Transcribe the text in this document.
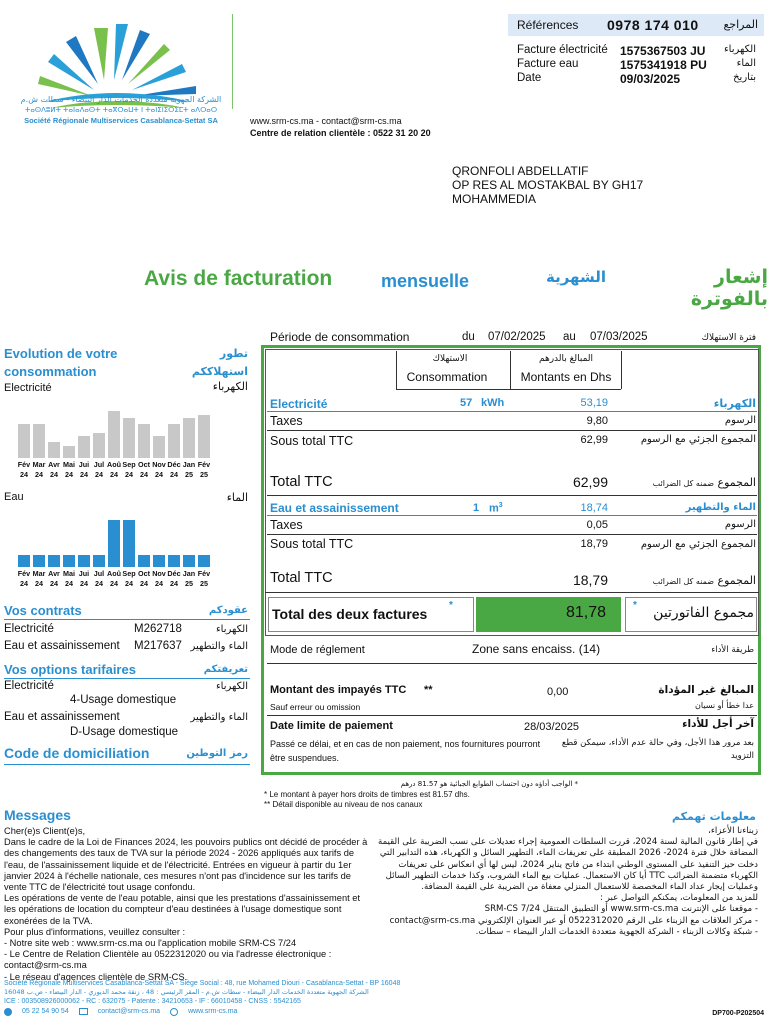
الشركة الجهوية متعددة الخدمات الدار البيضاء - سطات ش.م
ⵜⴰⵙⴷⵓⵍⵜ ⵜⴰⵏⴰⴷⴰⵙⵜ ⵜⴰⴳⵔⴰⵡⵜ ⵏ ⵜⴰⵏⵉⵏⵉⵔⵉⵎⵜ ⴰⴷⵔⴰⵔ
Société Régionale Multiservices Casablanca-Settat SA
Références 0978 174 010 المراجع
Facture électricité 1575367503 JU الكهرباء
Facture eau	1575341918 PU	الماء
Date	09/03/2025	بتاريخ
www.srm-cs.ma - contact@srm-cs.ma
Centre de relation clientèle : 0522 31 20 20
QRONFOLI ABDELLATIF
OP RES AL MOSTAKBAL BY GH17
MOHAMMEDIA
Avis de facturation	mensuelle	الشهرية	إشعار بالفوترة
Evolution de votre consommation
تطور
استهلاككم
Electricité	الكهرباء
Fév
24
Mar
24
Avr
24
Mai
24
Jui
24
Jul
24
Aoû
24
Sep
24
Oct
24
Nov
24
Déc
24
Jan
25
Fév
25
Eau	الماء
Fév
24
Mar
24
Avr
24
Mai
24
Jui
24
Jul
24
Aoû
24
Sep
24
Oct
24
Nov
24
Déc
24
Jan
25
Fév
25
Vos contrats	عقودكم
Electricité	M262718	الكهرباء
Eau et assainissement M217637 الماء والتطهير
Vos options tarifaires	تعريفتكم
Electricité	الكهرباء
4-Usage domestique
Eau et assainissement	الماء والتطهير
D-Usage domestique
Code de domiciliation	رمز التوطين
Période de consommation	du 07/02/2025 au 07/03/2025	فترة الاستهلاك
الاستهلاك
Consommation
المبالغ بالدرهم
Montants en Dhs
Electricité	57 kWh	53,19	الكهرباء
Taxes	9,80	الرسوم
Sous total TTC	62,99	المجموع الجزئي مع الرسوم
Total TTC	62,99	المجموع ضمنه كل الضرائب
Eau et assainissement	1 $m^3$	18,74	الماء والتطهير
Taxes	0,05	الرسوم
Sous total TTC	18,79	المجموع الجزئي مع الرسوم
Total TTC	18,79	المجموع ضمنه كل الضرائب
Total des deux factures
*	81,78	مجموع الفاتورتين
*
Mode de réglement	Zone sans encaiss. (14)	طريقة الأداء
Montant des impayés TTC **	0,00	المبالغ غير المؤداة
Sauf erreur ou omission	عدا خطأ أو نسيان
Date limite de paiement	28/03/2025	آخر أجل للأداء
Passé ce délai, et en cas de non paiement, nos fournitures pourront être suspendues.
بعد مرور هذا الأجل، وفي حالة عدم الأداء، سيمكن قطع التزويد
* الواجب أداؤه دون احتساب الطوابع الجبائية هو 81.57 درهم
* Le montant à payer hors droits de timbres est 81.57 dhs.
** Détail disponible au niveau de nos canaux
Messages
Cher(e)s Client(e)s,
Dans le cadre de la Loi de Finances 2024, les pouvoirs publics ont décidé de procéder à des changements des taux de TVA sur la période 2024 - 2026 appliqués aux tarifs de l'eau, de l'assainissement liquide et de l'électricité. Entrées en vigueur à partir du 1er janvier 2024 à l'échelle nationale, ces mesures n'ont pas d'incidence sur les tarifs de vente TTC de l'électricité tout usage confondu.
Les opérations de vente de l'eau potable, ainsi que les prestations d'assainissement et les opérations de location du compteur d'eau destinées à l'usage domestique sont exonérées de la TVA.
Pour plus d'informations, veuillez consulter :
- Notre site web : www.srm-cs.ma ou l'application mobile SRM-CS 7/24
- Le Centre de Relation Clientèle au 0522312020 ou via l'adresse électronique : contact@srm-cs.ma
- Le réseau d'agences clientèle de SRM-CS.
معلومات تهمكم
زبناءنا الأعزاء،
في إطار قانون المالية لسنة 2024، قررت السلطات العمومية إجراء تعديلات على نسب الضريبة على القيمة المضافة خلال فترة 2024- 2026 المطبقة على تعريفات الماء، التطهير السائل و الكهرباء، هذه التدابير التي دخلت حيز التنفيذ على المستوى الوطني ابتداء من فاتح يناير 2024، ليس لها أي انعكاس على تعريفات الكهرباء متضمنة الضرائب TTC أيا كان الاستعمال. عمليات بيع الماء الشروب، وكذا خدمات التطهير السائل وعمليات إيجار عداد الماء المخصصة للاستعمال المنزلي معفاة من الضريبة على القيمة المضافة.
للمزيد من المعلومات، يمكنكم التواصل عبر :
- موقعنا على الإنترنت www.srm-cs.ma أو التطبيق المتنقل SRM-CS 7/24
- مركز العلاقات مع الزبناء على الرقم 0522312020 أو عبر العنوان الإلكتروني contact@srm-cs.ma
- شبكة وكالات الزبناء - الشركة الجهوية متعددة الخدمات الدار البيضاء – سطات.
Société Régionale Multiservices Casablanca-Settat SA - Siège Social : 48, rue Mohamed Diouri - Casablanca-Settat - BP 16048
الشركة الجهوية متعددة الخدمات الدار البيضاء - سطات ش.م - المقر الرئيسي : 48 ، زنقة محمد الديوري - الدار البيضاء - ص.ب 16048
ICE : 003508926000062 - RC : 632075 - Patente : 34210653 - IF : 66010458 - CNSS : 5542165
05 22 54 90 54	contact@srm-cs.ma	www.srm-cs.ma	DP700-P202504
